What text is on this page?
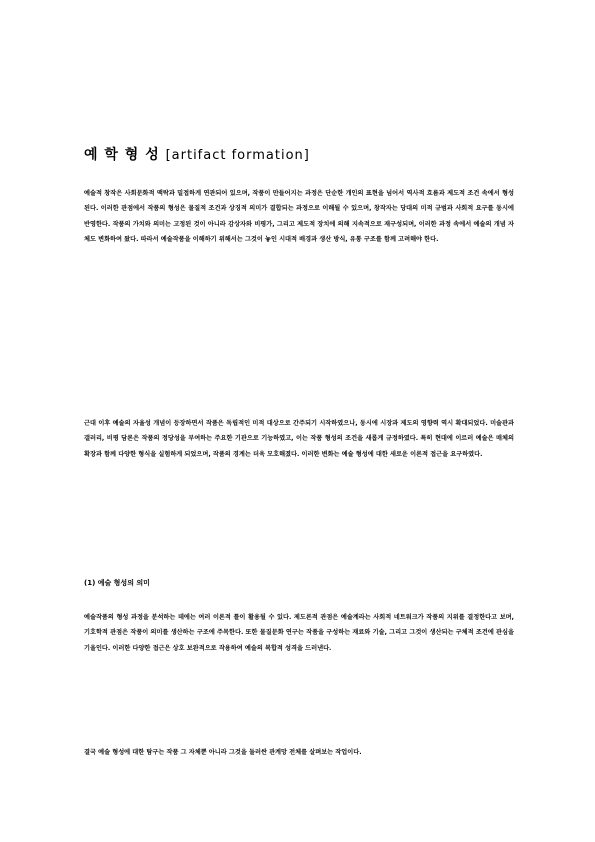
예 학 형 성 [artifact formation]

예술적 창작은 사회문화적 맥락과 밀접하게 연관되어 있으며, 작품이 만들어지는 과정은 단순한 개인의 표현을 넘어서 역사적 흐름과 제도적 조건 속에서 형성된다. 이러한 관점에서 작품의 형성은 물질적 조건과 상징적 의미가 결합되는 과정으로 이해될 수 있으며, 창작자는 당대의 미적 규범과 사회적 요구를 동시에 반영한다. 작품의 가치와 의미는 고정된 것이 아니라 감상자와 비평가, 그리고 제도적 장치에 의해 지속적으로 재구성되며, 이러한 과정 속에서 예술의 개념 자체도 변화하여 왔다. 따라서 예술작품을 이해하기 위해서는 그것이 놓인 시대적 배경과 생산 방식, 유통 구조를 함께 고려해야 한다.

근대 이후 예술의 자율성 개념이 등장하면서 작품은 독립적인 미적 대상으로 간주되기 시작하였으나, 동시에 시장과 제도의 영향력 역시 확대되었다. 미술관과 갤러리, 비평 담론은 작품의 정당성을 부여하는 주요한 기관으로 기능하였고, 이는 작품 형성의 조건을 새롭게 규정하였다. 특히 현대에 이르러 예술은 매체의 확장과 함께 다양한 형식을 실험하게 되었으며, 작품의 경계는 더욱 모호해졌다. 이러한 변화는 예술 형성에 대한 새로운 이론적 접근을 요구하였다.

(1) 예술 형성의 의미

예술작품의 형성 과정을 분석하는 데에는 여러 이론적 틀이 활용될 수 있다. 제도론적 관점은 예술계라는 사회적 네트워크가 작품의 지위를 결정한다고 보며, 기호학적 관점은 작품이 의미를 생산하는 구조에 주목한다. 또한 물질문화 연구는 작품을 구성하는 재료와 기술, 그리고 그것이 생산되는 구체적 조건에 관심을 기울인다. 이러한 다양한 접근은 상호 보완적으로 작용하여 예술의 복합적 성격을 드러낸다.

결국 예술 형성에 대한 탐구는 작품 그 자체뿐 아니라 그것을 둘러싼 관계망 전체를 살펴보는 작업이다.
